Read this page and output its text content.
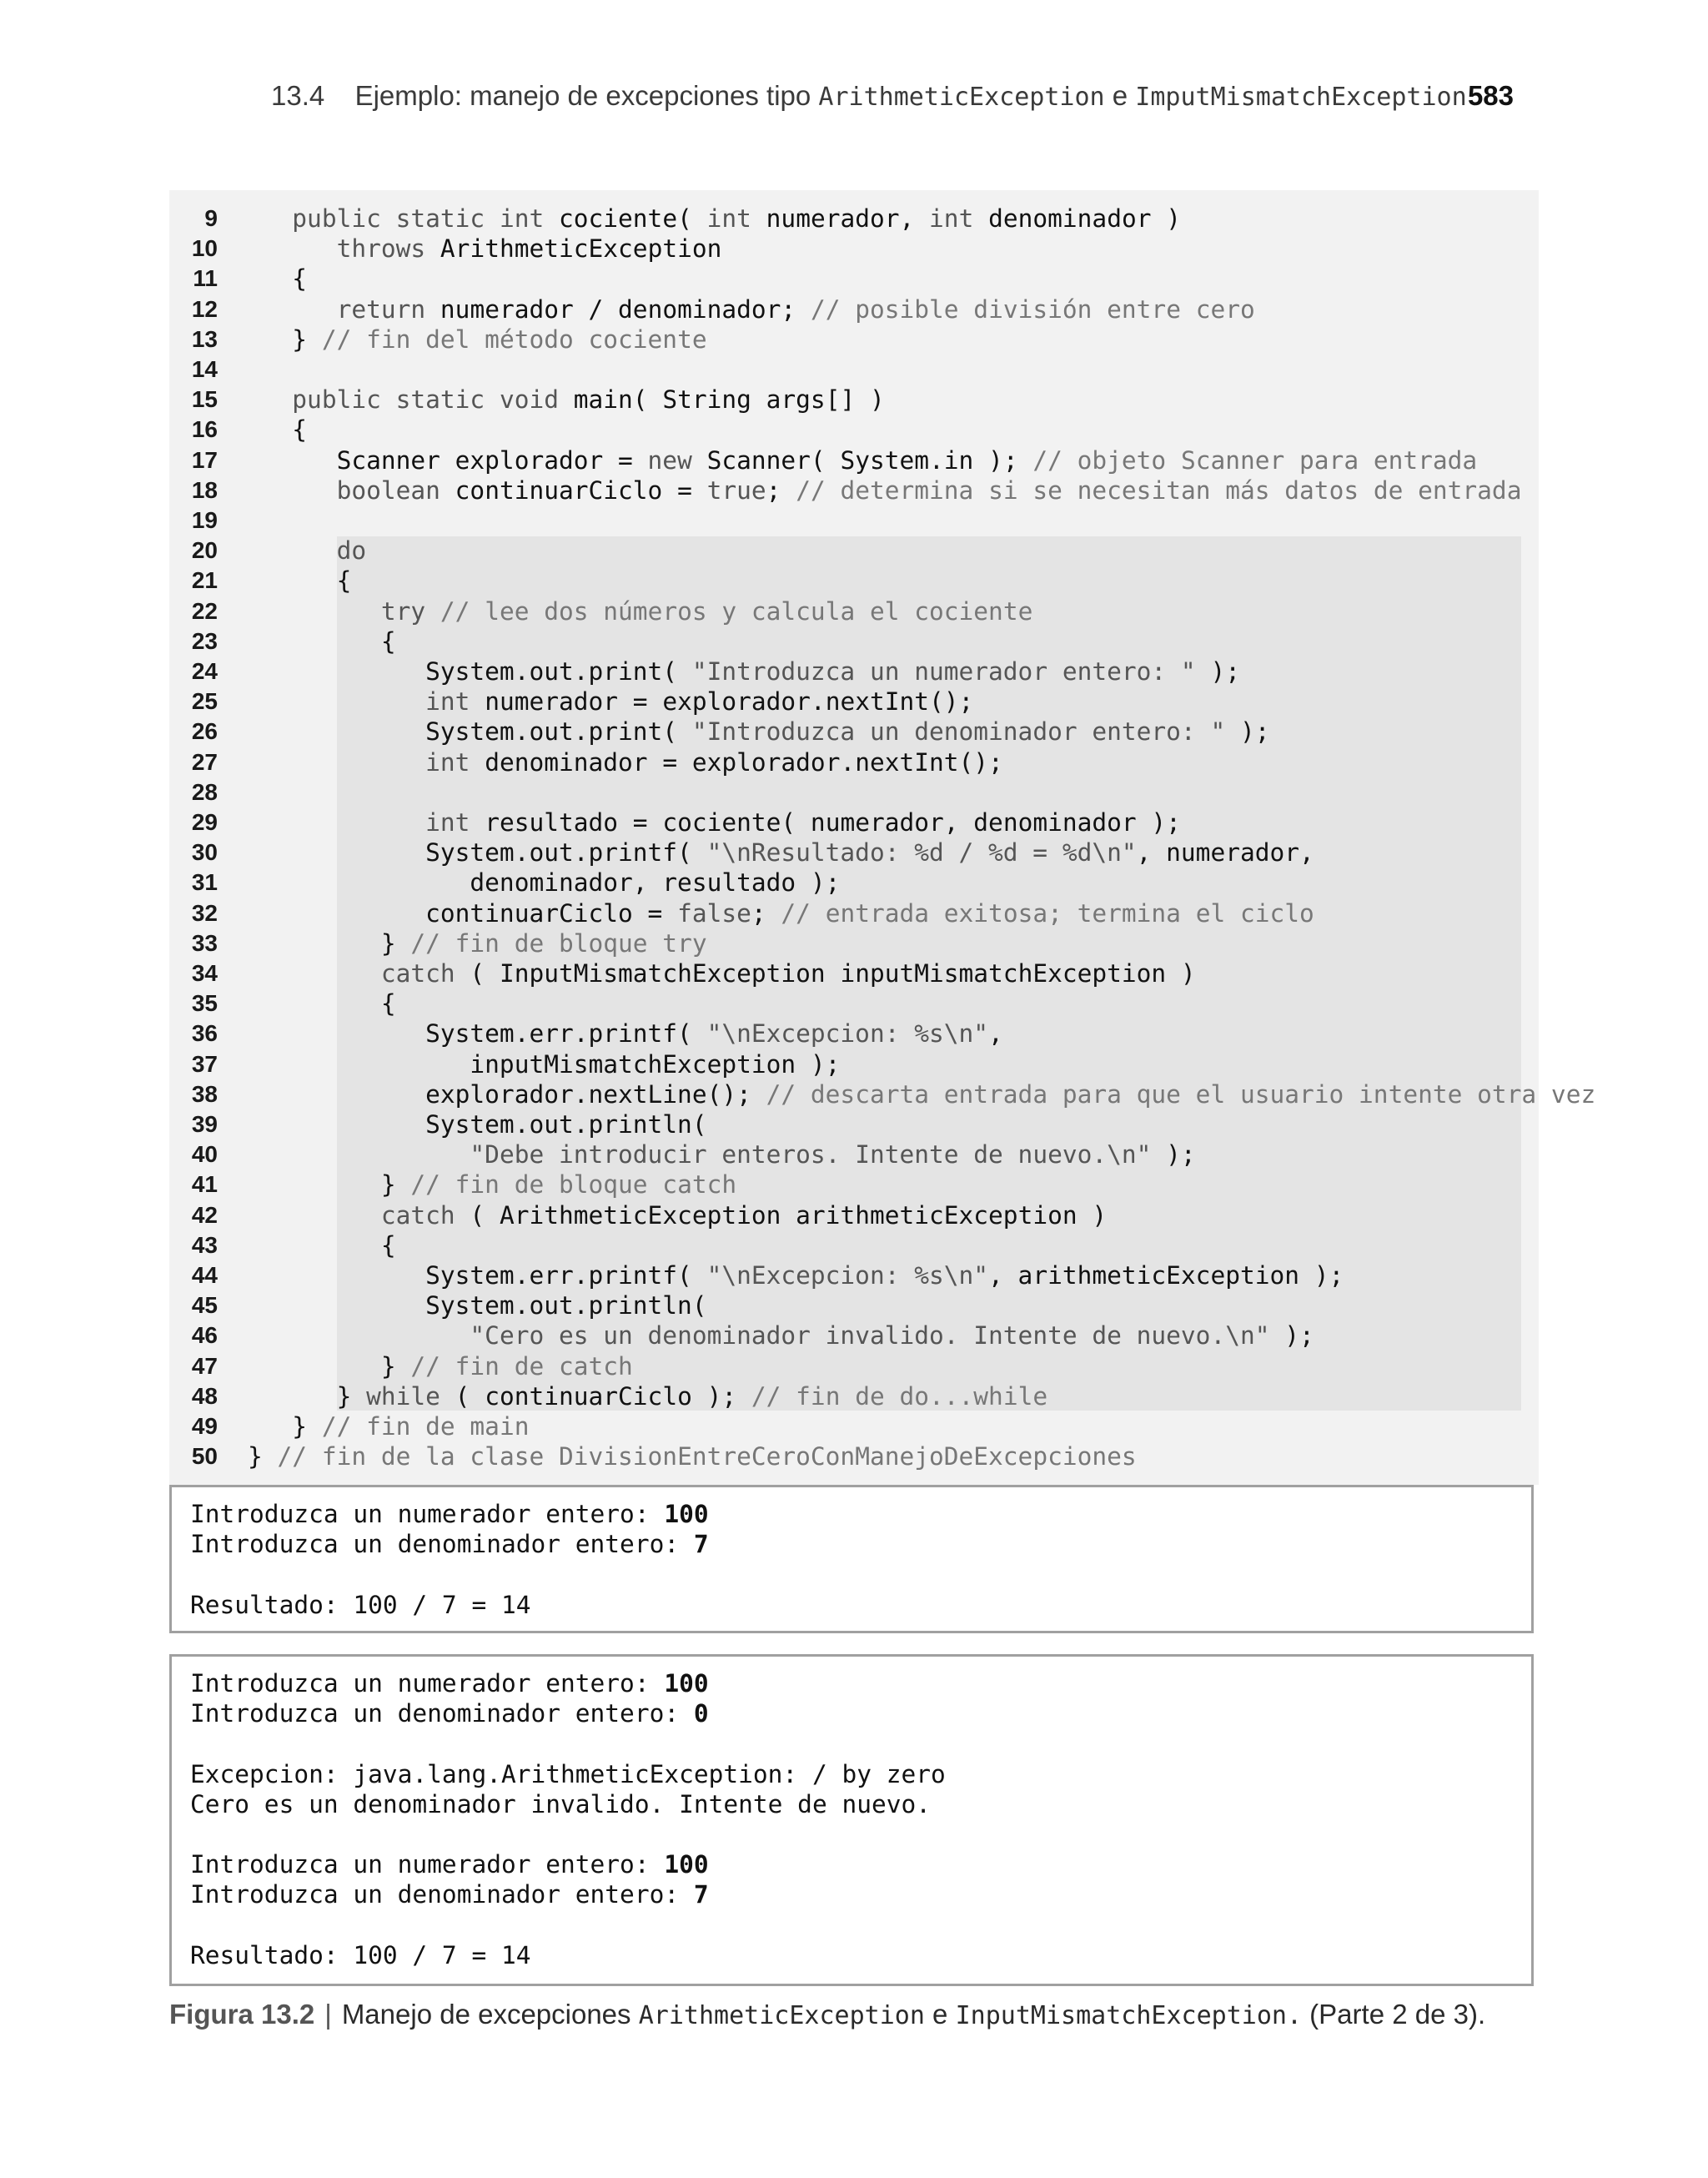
13.4 Ejemplo: manejo de excepciones tipo ArithmeticException e ImputMismatchException 583
9	public static int cociente( int numerador, int denominador )
10	throws ArithmeticException
11 {
12	return numerador / denominador; // posible división entre cero
13 } // fin del método cociente
14
15	public static void main( String args[] )
16 {
17 Scanner explorador = new Scanner( System.in ); // objeto Scanner para entrada
18	boolean continuarCiclo = true; // determina si se necesitan más datos de entrada
19
20	do
21 {
22	try // lee dos números y calcula el cociente
23 {
24 System.out.print( "Introduzca un numerador entero: " );
25	int numerador = explorador.nextInt();
26 System.out.print( "Introduzca un denominador entero: " );
27	int denominador = explorador.nextInt();
28
29	int resultado = cociente( numerador, denominador );
30 System.out.printf( "\nResultado: %d / %d = %d\n", numerador,
31 denominador, resultado );
32 continuarCiclo = false; // entrada exitosa; termina el ciclo
33 } // fin de bloque try
34	catch ( InputMismatchException inputMismatchException )
35 {
36 System.err.printf( "\nExcepcion: %s\n",
37 inputMismatchException );
38 explorador.nextLine(); // descarta entrada para que el usuario intente otra vez
39 System.out.println(
40	"Debe introducir enteros. Intente de nuevo.\n" );
41 } // fin de bloque catch
42	catch ( ArithmeticException arithmeticException )
43 {
44 System.err.printf( "\nExcepcion: %s\n", arithmeticException );
45 System.out.println(
46	"Cero es un denominador invalido. Intente de nuevo.\n" );
47 } // fin de catch
48 } while ( continuarCiclo ); // fin de do...while
49 } // fin de main
50 } // fin de la clase DivisionEntreCeroConManejoDeExcepciones
Introduzca un numerador entero: 100
Introduzca un denominador entero: 7
Resultado: 100 / 7 = 14
Introduzca un numerador entero: 100
Introduzca un denominador entero: 0
Excepcion: java.lang.ArithmeticException: / by zero
Cero es un denominador invalido. Intente de nuevo.
Introduzca un numerador entero: 100
Introduzca un denominador entero: 7
Resultado: 100 / 7 = 14
Figura 13.2 | Manejo de excepciones ArithmeticException e InputMismatchException. (Parte 2 de 3).
